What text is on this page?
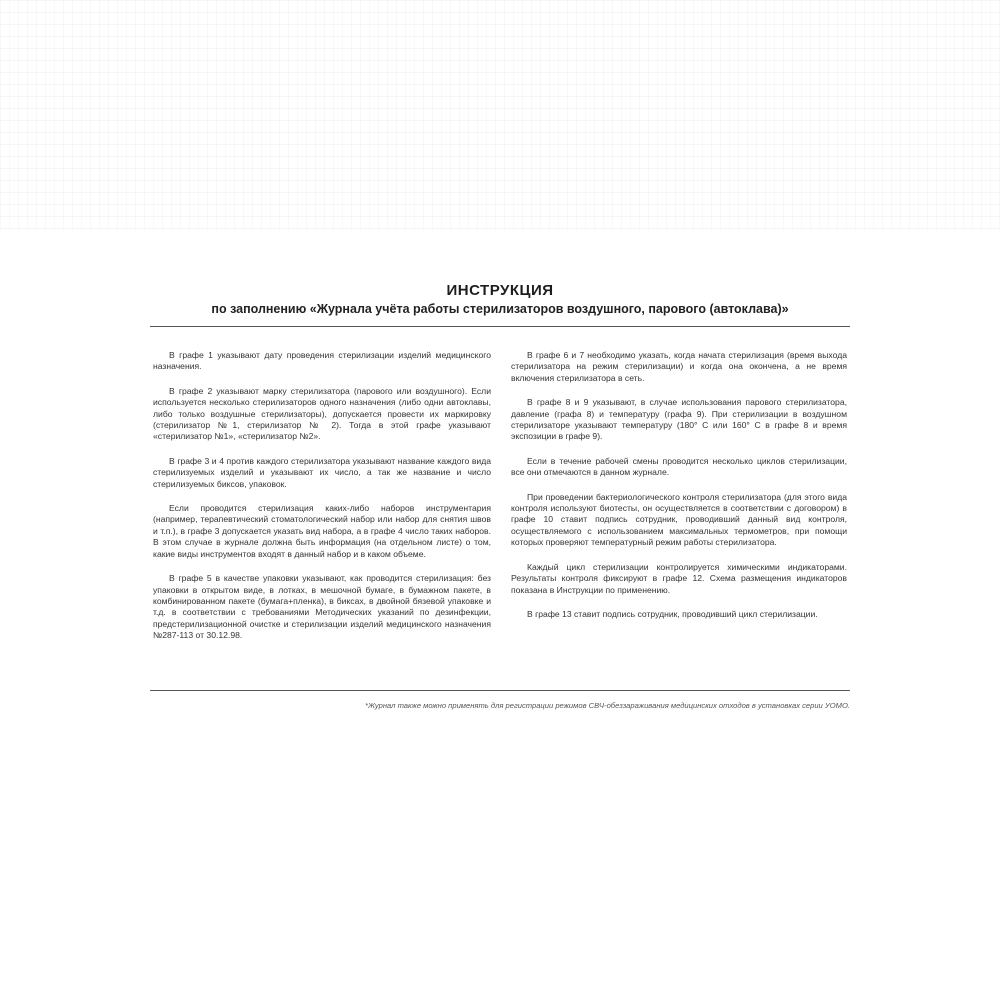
ИНСТРУКЦИЯ
по заполнению «Журнала учёта работы стерилизаторов воздушного, парового (автоклава)»

В графе 1 указывают дату проведения стерилизации изделий медицинского назначения.

В графе 2 указывают марку стерилизатора (парового или воздушного). Если используется несколько стерилизаторов одного назначения (либо одни автоклавы, либо только воздушные стерилизаторы), допускается провести их маркировку (стерилизатор №1, стерилизатор № 2). Тогда в этой графе указывают «стерилизатор №1», «стерилизатор №2».

В графе 3 и 4 против каждого стерилизатора указывают название каждого вида стерилизуемых изделий и указывают их число, а так же название и число стерилизуемых биксов, упаковок.

Если проводится стерилизация каких-либо наборов инструментария (например, терапевтический стоматологический набор или набор для снятия швов и т.п.), в графе 3 допускается указать вид набора, а в графе 4 число таких наборов. В этом случае в журнале должна быть информация (на отдельном листе) о том, какие виды инструментов входят в данный набор и в каком объеме.

В графе 5 в качестве упаковки указывают, как проводится стерилизация: без упаковки в открытом виде, в лотках, в мешочной бумаге, в бумажном пакете, в комбинированном пакете (бумага+пленка), в биксах, в двойной бязевой упаковке и т.д. в соответствии с требованиями Методических указаний по дезинфекции, предстерилизационной очистке и стерилизации изделий медицинского назначения №287-113 от 30.12.98.

В графе 6 и 7 необходимо указать, когда начата стерилизация (время выхода стерилизатора на режим стерилизации) и когда она окончена, а не время включения стерилизатора в сеть.

В графе 8 и 9 указывают, в случае использования парового стерилизатора, давление (графа 8) и температуру (графа 9). При стерилизации в воздушном стерилизаторе указывают температуру (180° С или 160° С в графе 8 и время экспозиции в графе 9).

Если в течение рабочей смены проводится несколько циклов стерилизации, все они отмечаются в данном журнале.

При проведении бактериологического контроля стерилизатора (для этого вида контроля используют биотесты, он осуществляется в соответствии с договором) в графе 10 ставит подпись сотрудник, проводивший данный вид контроля, осуществляемого с использованием максимальных термометров, при помощи которых проверяют температурный режим работы стерилизатора.

Каждый цикл стерилизации контролируется химическими индикаторами. Результаты контроля фиксируют в графе 12. Схема размещения индикаторов показана в Инструкции по применению.

В графе 13 ставит подпись сотрудник, проводивший цикл стерилизации.

*Журнал также можно применять для регистрации режимов СВЧ-обеззараживания медицинских отходов в установках серии УОМО.
